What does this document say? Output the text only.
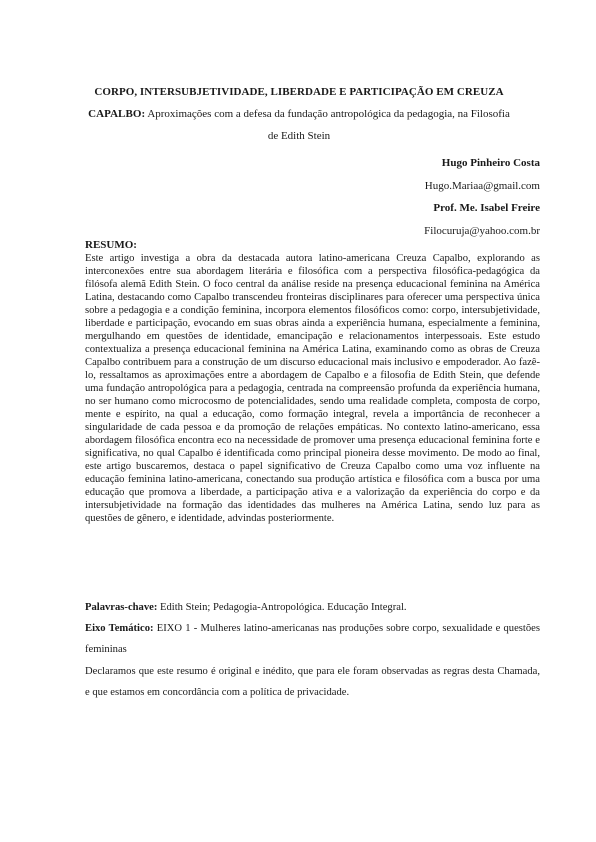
CORPO, INTERSUBJETIVIDADE, LIBERDADE E PARTICIPAÇÃO EM CREUZA CAPALBO: Aproximações com a defesa da fundação antropológica da pedagogia, na Filosofia de Edith Stein
Hugo Pinheiro Costa
Hugo.Mariaa@gmail.com
Prof. Me. Isabel Freire
Filocuruja@yahoo.com.br
RESUMO:
Este artigo investiga a obra da destacada autora latino-americana Creuza Capalbo, explorando as interconexões entre sua abordagem literária e filosófica com a perspectiva filosófica-pedagógica da filósofa alemã Edith Stein. O foco central da análise reside na presença educacional feminina na América Latina, destacando como Capalbo transcendeu fronteiras disciplinares para oferecer uma perspectiva única sobre a pedagogia e a condição feminina, incorpora elementos filosóficos como: corpo, intersubjetividade, liberdade e participação, evocando em suas obras ainda a experiência humana, especialmente a feminina, mergulhando em questões de identidade, emancipação e relacionamentos interpessoais. Este estudo contextualiza a presença educacional feminina na América Latina, examinando como as obras de Creuza Capalbo contribuem para a construção de um discurso educacional mais inclusivo e empoderador. Ao fazê-lo, ressaltamos as aproximações entre a abordagem de Capalbo e a filosofia de Edith Stein, que defende uma fundação antropológica para a pedagogia, centrada na compreensão profunda da experiência humana, no ser humano como microcosmo de potencialidades, sendo uma realidade completa, composta de corpo, mente e espírito, na qual a educação, como formação integral, revela a importância de reconhecer a singularidade de cada pessoa e da promoção de relações empáticas. No contexto latino-americano, essa abordagem filosófica encontra eco na necessidade de promover uma presença educacional feminina forte e significativa, no qual Capalbo é identificada como principal pioneira desse movimento. De modo ao final, este artigo buscaremos, destaca o papel significativo de Creuza Capalbo como uma voz influente na educação feminina latino-americana, conectando sua produção artística e filosófica com a busca por uma educação que promova a liberdade, a participação ativa e a valorização da experiência do corpo e da intersubjetividade na formação das identidades das mulheres na América Latina, sendo luz para as questões de gênero, e identidade, advindas posteriormente.
Palavras-chave: Edith Stein; Pedagogia-Antropológica. Educação Integral.
Eixo Temático: EIXO 1 - Mulheres latino-americanas nas produções sobre corpo, sexualidade e questões femininas
Declaramos que este resumo é original e inédito, que para ele foram observadas as regras desta Chamada, e que estamos em concordância com a política de privacidade.
